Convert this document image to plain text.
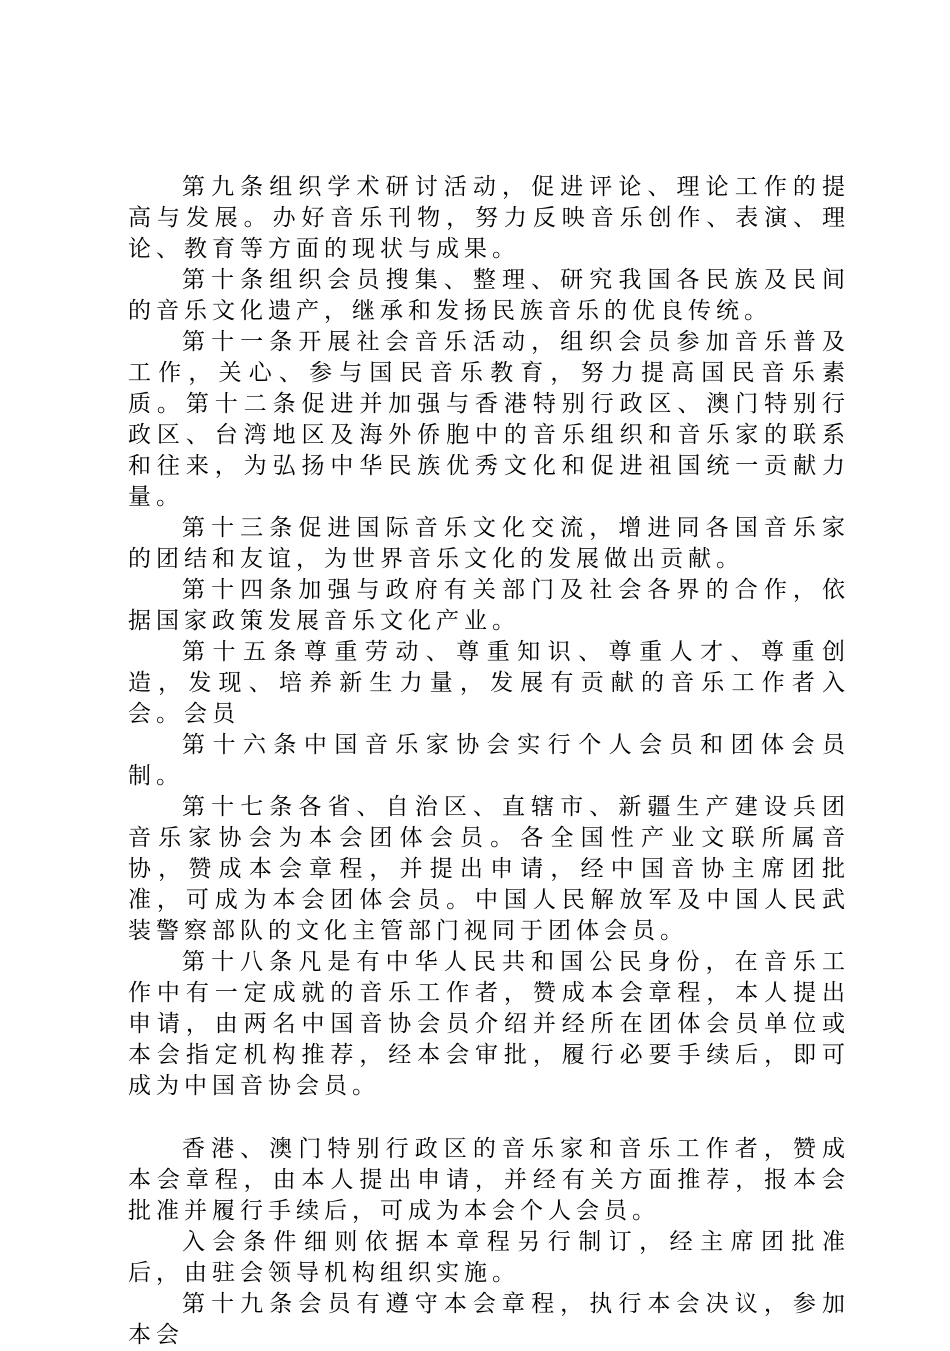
第九条组织学术研讨活动，促进评论、理论工作的提高与发展。办好音乐刊物，努力反映音乐创作、表演、理论、教育等方面的现状与成果。

第十条组织会员搜集、整理、研究我国各民族及民间的音乐文化遗产，继承和发扬民族音乐的优良传统。

第十一条开展社会音乐活动，组织会员参加音乐普及工作，关心、参与国民音乐教育，努力提高国民音乐素质。第十二条促进并加强与香港特别行政区、澳门特别行政区、台湾地区及海外侨胞中的音乐组织和音乐家的联系和往来，为弘扬中华民族优秀文化和促进祖国统一贡献力量。

第十三条促进国际音乐文化交流，增进同各国音乐家的团结和友谊，为世界音乐文化的发展做出贡献。

第十四条加强与政府有关部门及社会各界的合作，依据国家政策发展音乐文化产业。

第十五条尊重劳动、尊重知识、尊重人才、尊重创造，发现、培养新生力量，发展有贡献的音乐工作者入会。会员

第十六条中国音乐家协会实行个人会员和团体会员制。

第十七条各省、自治区、直辖市、新疆生产建设兵团音乐家协会为本会团体会员。各全国性产业文联所属音协，赞成本会章程，并提出申请，经中国音协主席团批准，可成为本会团体会员。中国人民解放军及中国人民武装警察部队的文化主管部门视同于团体会员。

第十八条凡是有中华人民共和国公民身份，在音乐工作中有一定成就的音乐工作者，赞成本会章程，本人提出申请，由两名中国音协会员介绍并经所在团体会员单位或本会指定机构推荐，经本会审批，履行必要手续后，即可成为中国音协会员。

香港、澳门特别行政区的音乐家和音乐工作者，赞成本会章程，由本人提出申请，并经有关方面推荐，报本会批准并履行手续后，可成为本会个人会员。

入会条件细则依据本章程另行制订，经主席团批准后，由驻会领导机构组织实施。

第十九条会员有遵守本会章程，执行本会决议，参加本会
